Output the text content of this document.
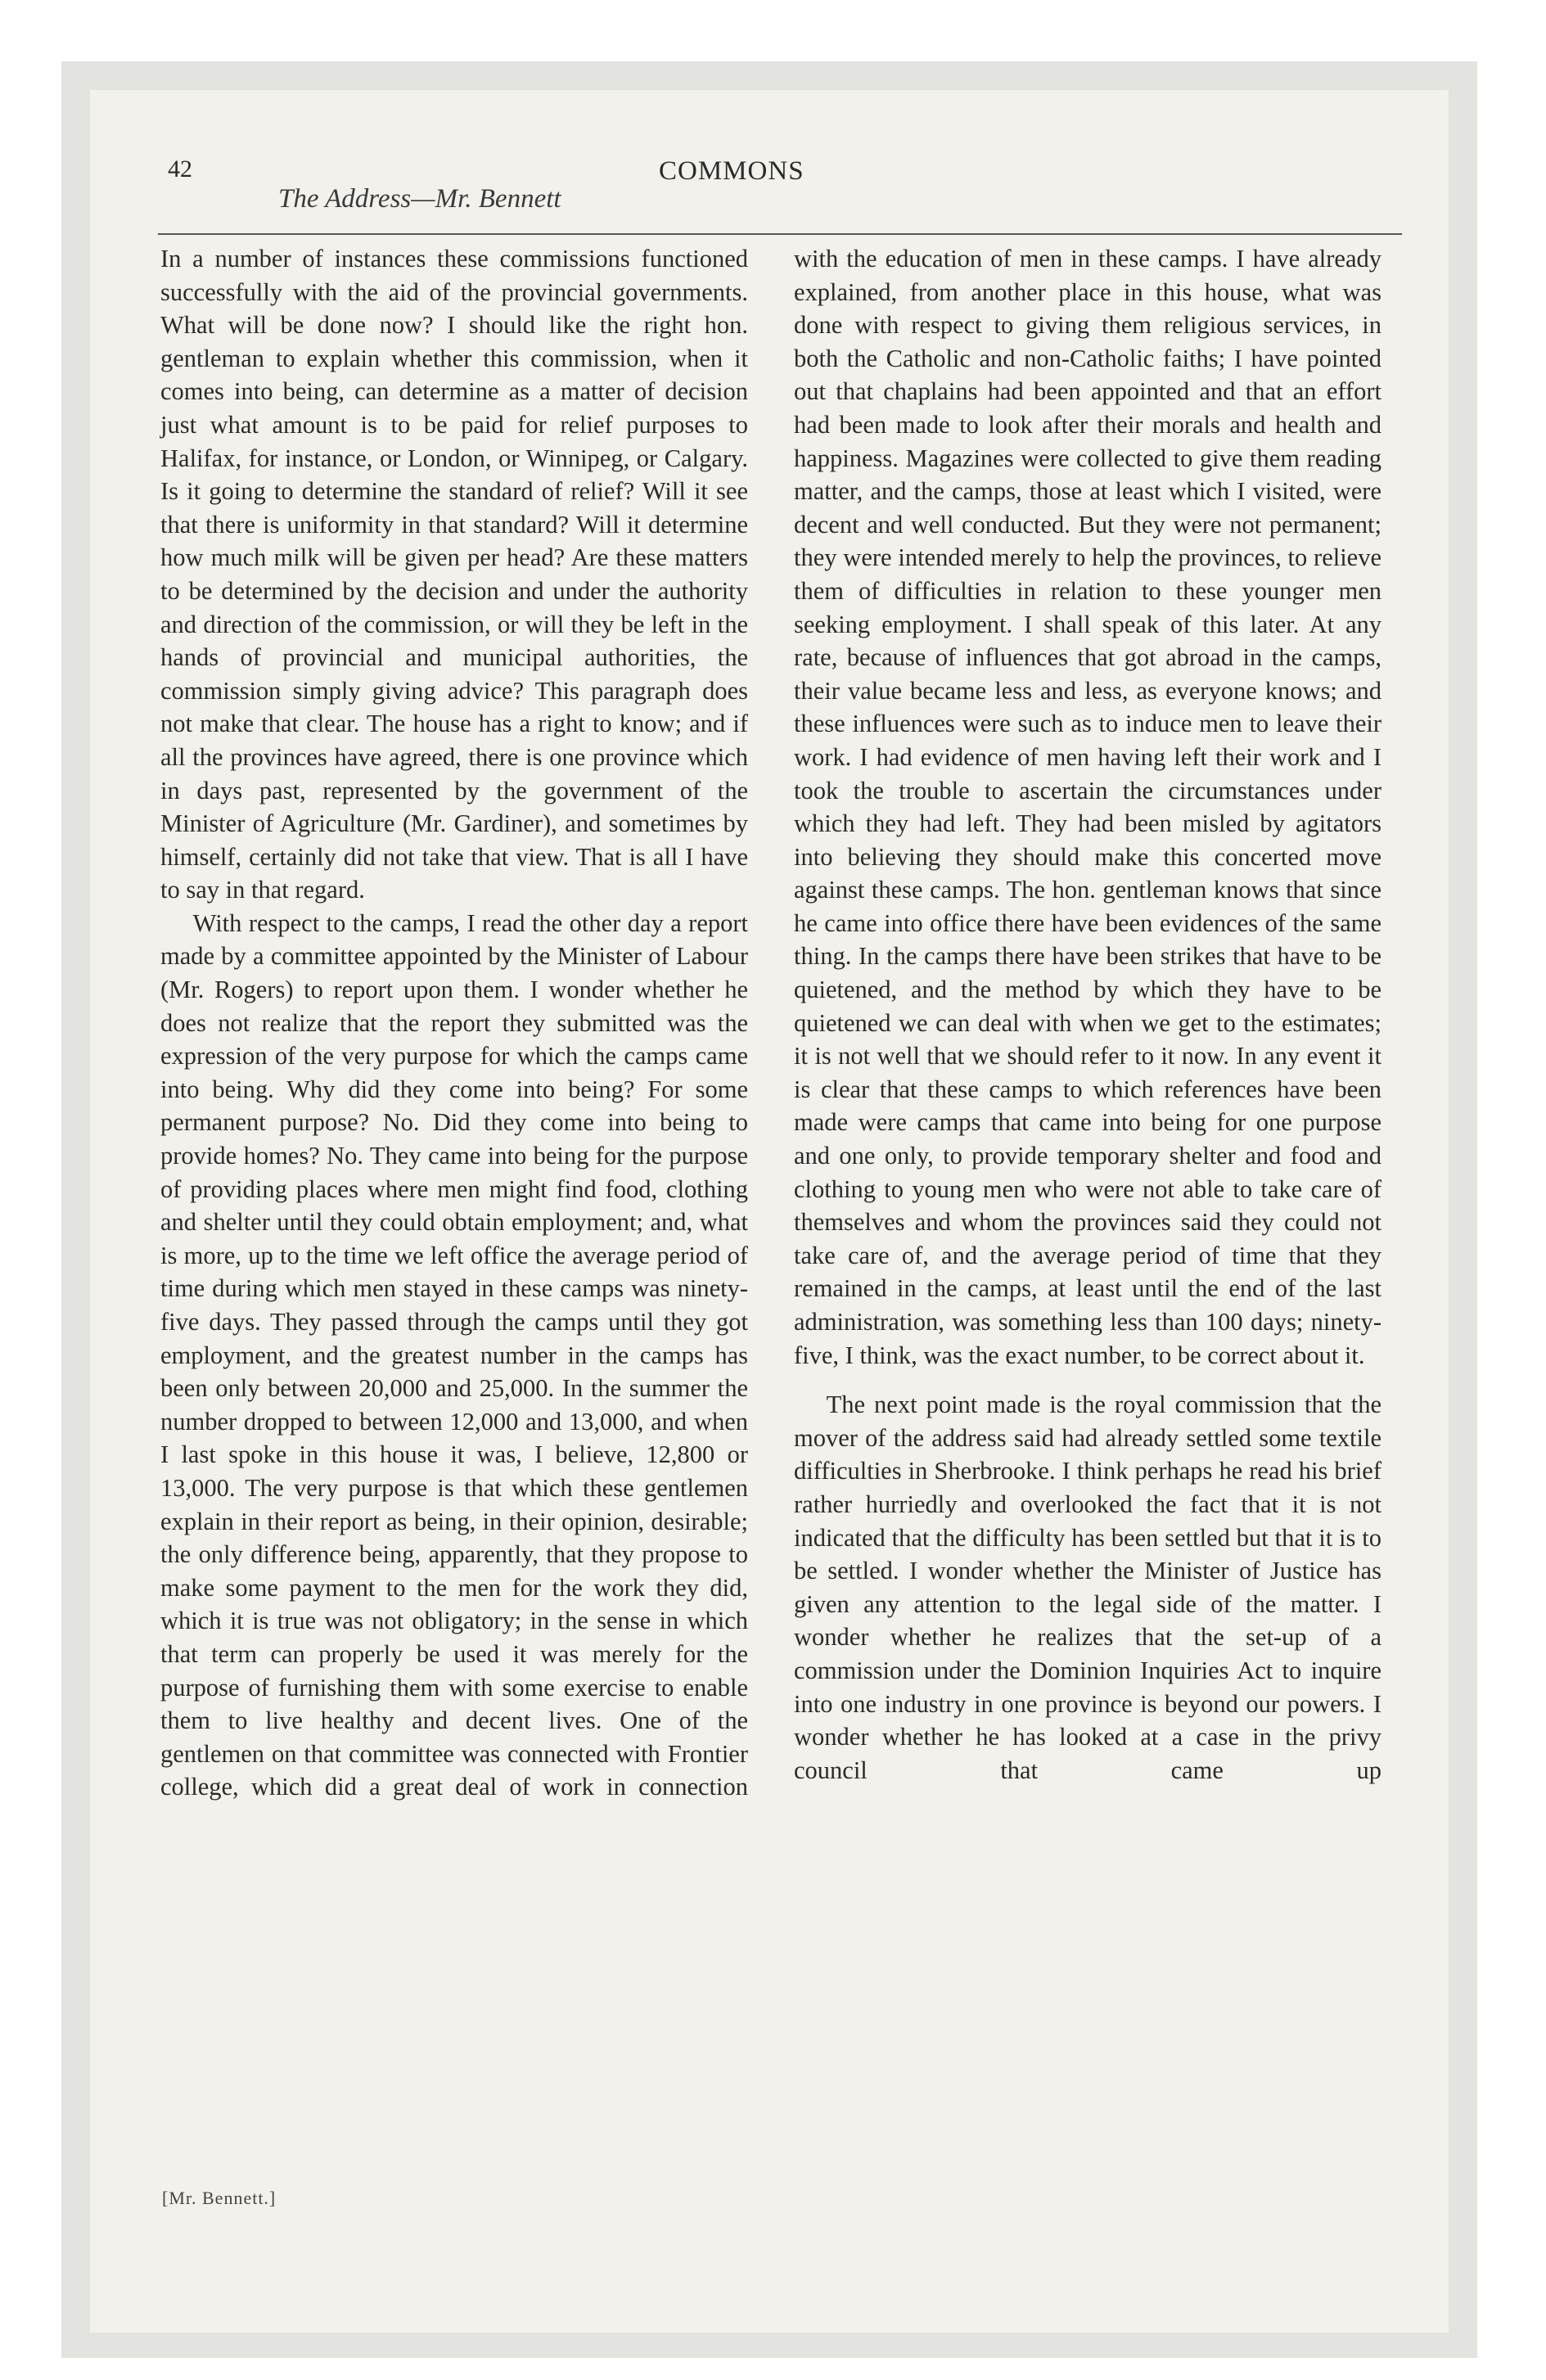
42	COMMONS

The Address—Mr. Bennett

In a number of instances these commissions functioned successfully with the aid of the provincial governments. What will be done now? I should like the right hon. gentleman to explain whether this commission, when it comes into being, can determine as a matter of decision just what amount is to be paid for relief purposes to Halifax, for instance, or London, or Winnipeg, or Calgary. Is it going to determine the standard of relief? Will it see that there is uniformity in that standard? Will it determine how much milk will be given per head? Are these matters to be determined by the decision and under the authority and direction of the commission, or will they be left in the hands of provincial and municipal authorities, the commission simply giving advice? This paragraph does not make that clear. The house has a right to know; and if all the provinces have agreed, there is one province which in days past, represented by the government of the Minister of Agriculture (Mr. Gardiner), and sometimes by himself, certainly did not take that view. That is all I have to say in that regard.

With respect to the camps, I read the other day a report made by a committee appointed by the Minister of Labour (Mr. Rogers) to report upon them. I wonder whether he does not realize that the report they submitted was the expression of the very purpose for which the camps came into being. Why did they come into being? For some permanent purpose? No. Did they come into being to provide homes? No. They came into being for the purpose of providing places where men might find food, clothing and shelter until they could obtain employment; and, what is more, up to the time we left office the average period of time during which men stayed in these camps was ninety-five days. They passed through the camps until they got employment, and the greatest number in the camps has been only between 20,000 and 25,000. In the summer the number dropped to between 12,000 and 13,000, and when I last spoke in this house it was, I believe, 12,800 or 13,000. The very purpose is that which these gentlemen explain in their report as being, in their opinion, desirable; the only difference being, apparently, that they propose to make some payment to the men for the work they did, which it is true was not obligatory; in the sense in which that term can properly be used it was merely for the purpose of furnishing them with some exercise to enable them to live healthy and decent lives. One of the gentlemen on that committee was connected with Frontier college, which did a great deal of work in connection

with the education of men in these camps. I have already explained, from another place in this house, what was done with respect to giving them religious services, in both the Catholic and non-Catholic faiths; I have pointed out that chaplains had been appointed and that an effort had been made to look after their morals and health and happiness. Magazines were collected to give them reading matter, and the camps, those at least which I visited, were decent and well conducted. But they were not permanent; they were intended merely to help the provinces, to relieve them of difficulties in relation to these younger men seeking employment. I shall speak of this later. At any rate, because of influences that got abroad in the camps, their value became less and less, as everyone knows; and these influences were such as to induce men to leave their work. I had evidence of men having left their work and I took the trouble to ascertain the circumstances under which they had left. They had been misled by agitators into believing they should make this concerted move against these camps. The hon. gentleman knows that since he came into office there have been evidences of the same thing. In the camps there have been strikes that have to be quietened, and the method by which they have to be quietened we can deal with when we get to the estimates; it is not well that we should refer to it now. In any event it is clear that these camps to which references have been made were camps that came into being for one purpose and one only, to provide temporary shelter and food and clothing to young men who were not able to take care of themselves and whom the provinces said they could not take care of, and the average period of time that they remained in the camps, at least until the end of the last administration, was something less than 100 days; ninety-five, I think, was the exact number, to be correct about it.

The next point made is the royal commission that the mover of the address said had already settled some textile difficulties in Sherbrooke. I think perhaps he read his brief rather hurriedly and overlooked the fact that it is not indicated that the difficulty has been settled but that it is to be settled. I wonder whether the Minister of Justice has given any attention to the legal side of the matter. I wonder whether he realizes that the set-up of a commission under the Dominion Inquiries Act to inquire into one industry in one province is beyond our powers. I wonder whether he has looked at a case in the privy council that came up

[Mr. Bennett.]
